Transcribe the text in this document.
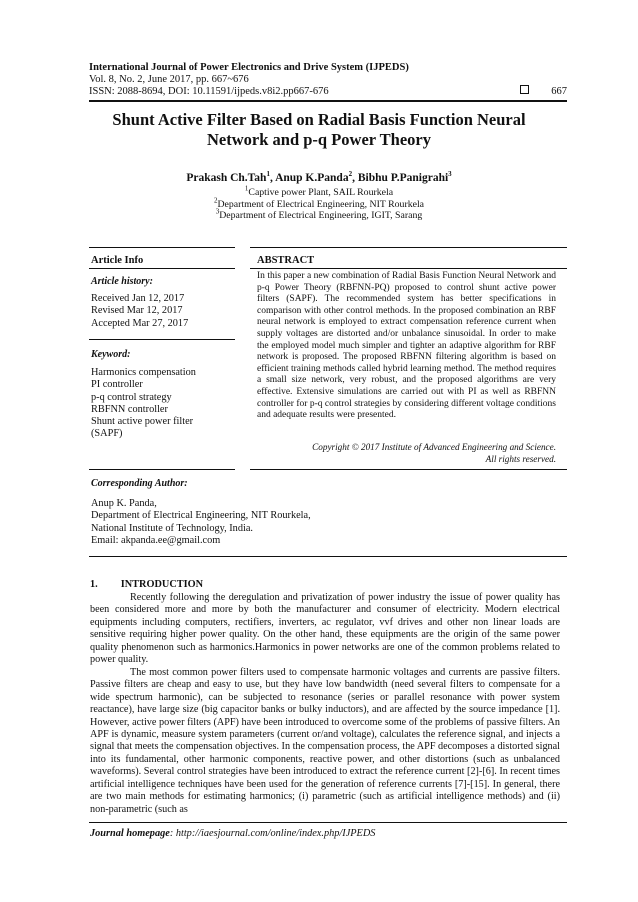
International Journal of Power Electronics and Drive System (IJPEDS)
Vol. 8, No. 2, June 2017, pp. 667~676
ISSN: 2088-8694, DOI: 10.11591/ijpeds.v8i2.pp667-676	667
Shunt Active Filter Based on Radial Basis Function Neural
Network and p-q Power Theory
Prakash Ch.Tah$^1$, Anup K.Panda$^2$, Bibhu P.Panigrahi$^3$
$^1$Captive power Plant, SAIL Rourkela
$^2$Department of Electrical Engineering, NIT Rourkela
$^3$Department of Electrical Engineering, IGIT, Sarang
Article Info	ABSTRACT
Article history:
Received Jan 12, 2017
Revised Mar 12, 2017
Accepted Mar 27, 2017
Keyword:
Harmonics compensation
PI controller
p-q control strategy
RBFNN controller
Shunt active power filter
(SAPF)
In this paper a new combination of Radial Basis Function Neural Network and p-q Power Theory (RBFNN-PQ) proposed to control shunt active power filters (SAPF). The recommended system has better specifications in comparison with other control methods. In the proposed combination an RBF neural network is employed to extract compensation reference current when supply voltages are distorted and/or unbalance sinusoidal. In order to make the employed model much simpler and tighter an adaptive algorithm for RBF network is proposed. The proposed RBFNN filtering algorithm is based on efficient training methods called hybrid learning method. The method requires a small size network, very robust, and the proposed algorithms are very effective. Extensive simulations are carried out with PI as well as RBFNN controller for p-q control strategies by considering different voltage conditions and adequate results were presented.
Copyright © 2017 Institute of Advanced Engineering and Science.
All rights reserved.
Corresponding Author:
Anup K. Panda,
Department of Electrical Engineering, NIT Rourkela,
National Institute of Technology, India.
Email: akpanda.ee@gmail.com
1. INTRODUCTION

Recently following the deregulation and privatization of power industry the issue of power quality has been considered more and more by both the manufacturer and consumer of electricity. Modern electrical equipments including computers, rectifiers, inverters, ac regulator, vvf drives and other non linear loads are sensitive requiring higher power quality. On the other hand, these equipments are the origin of the same power quality phenomenon such as harmonics.Harmonics in power networks are one of the common problems related to power quality.

The most common power filters used to compensate harmonic voltages and currents are passive filters. Passive filters are cheap and easy to use, but they have low bandwidth (need several filters to compensate for a wide spectrum harmonic), can be subjected to resonance (series or parallel resonance with power system reactance), have large size (big capacitor banks or bulky inductors), and are affected by the source impedance [1]. However, active power filters (APF) have been introduced to overcome some of the problems of passive filters. An APF is dynamic, measure system parameters (current or/and voltage), calculates the reference signal, and injects a signal that meets the compensation objectives. In the compensation process, the APF decomposes a distorted signal into its fundamental, other harmonic components, reactive power, and other distortions (such as unbalanced waveforms). Several control strategies have been introduced to extract the reference current [2]-[6]. In recent times artificial intelligence techniques have been used for the generation of reference currents [7]-[15]. In general, there are two main methods for estimating harmonics; (i) parametric (such as artificial intelligence methods) and (ii) non-parametric (such as

Journal homepage: http://iaesjournal.com/online/index.php/IJPEDS
